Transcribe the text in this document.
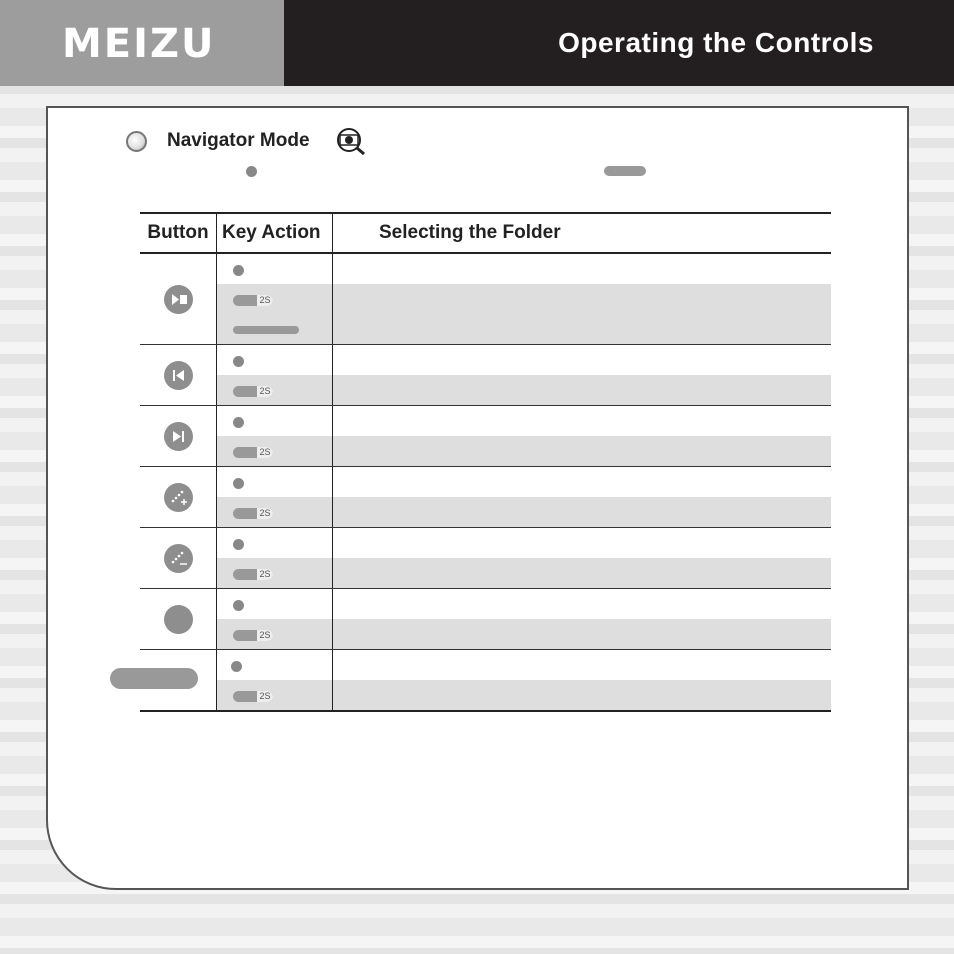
MEIZU	Operating the Controls
Navigator Mode
Button	Key Action	Selecting the Folder

	2S	

	2S	

	2S	

	2S	

	2S	

	2S	

	2S	
